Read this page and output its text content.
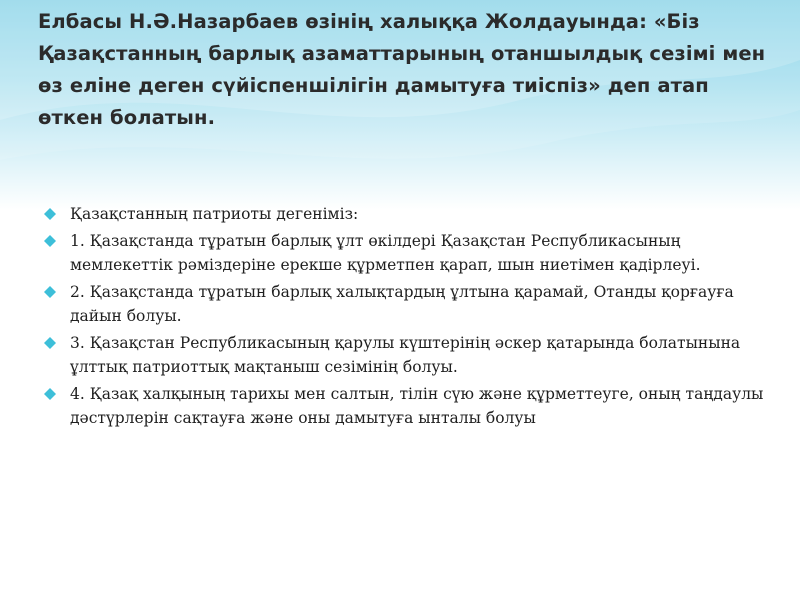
Елбасы Н.Ә.Назарбаев өзінің халыққа Жолдауында: «Біз Қазақстанның барлық азаматтарының отаншылдық сезімі мен өз еліне деген сүйіспеншілігін дамытуға тиіспіз» деп атап өткен болатын.
Қазақстанның патриоты дегеніміз:
1. Қазақстанда тұратын барлық ұлт өкілдері Қазақстан Республикасының мемлекеттік рәміздеріне ерекше құрметпен қарап, шын ниетімен қадірлеуі.
2. Қазақстанда тұратын барлық халықтардың ұлтына қарамай, Отанды қорғауға дайын болуы.
3. Қазақстан Республикасының қарулы күштерінің әскер қатарында болатынына ұлттық патриоттық мақтаныш сезімінің болуы.
4. Қазақ халқының тарихы мен салтын, тілін сүю және құрметтеуге, оның таңдаулы дәстүрлерін сақтауға және оны дамытуға ынталы болуы
